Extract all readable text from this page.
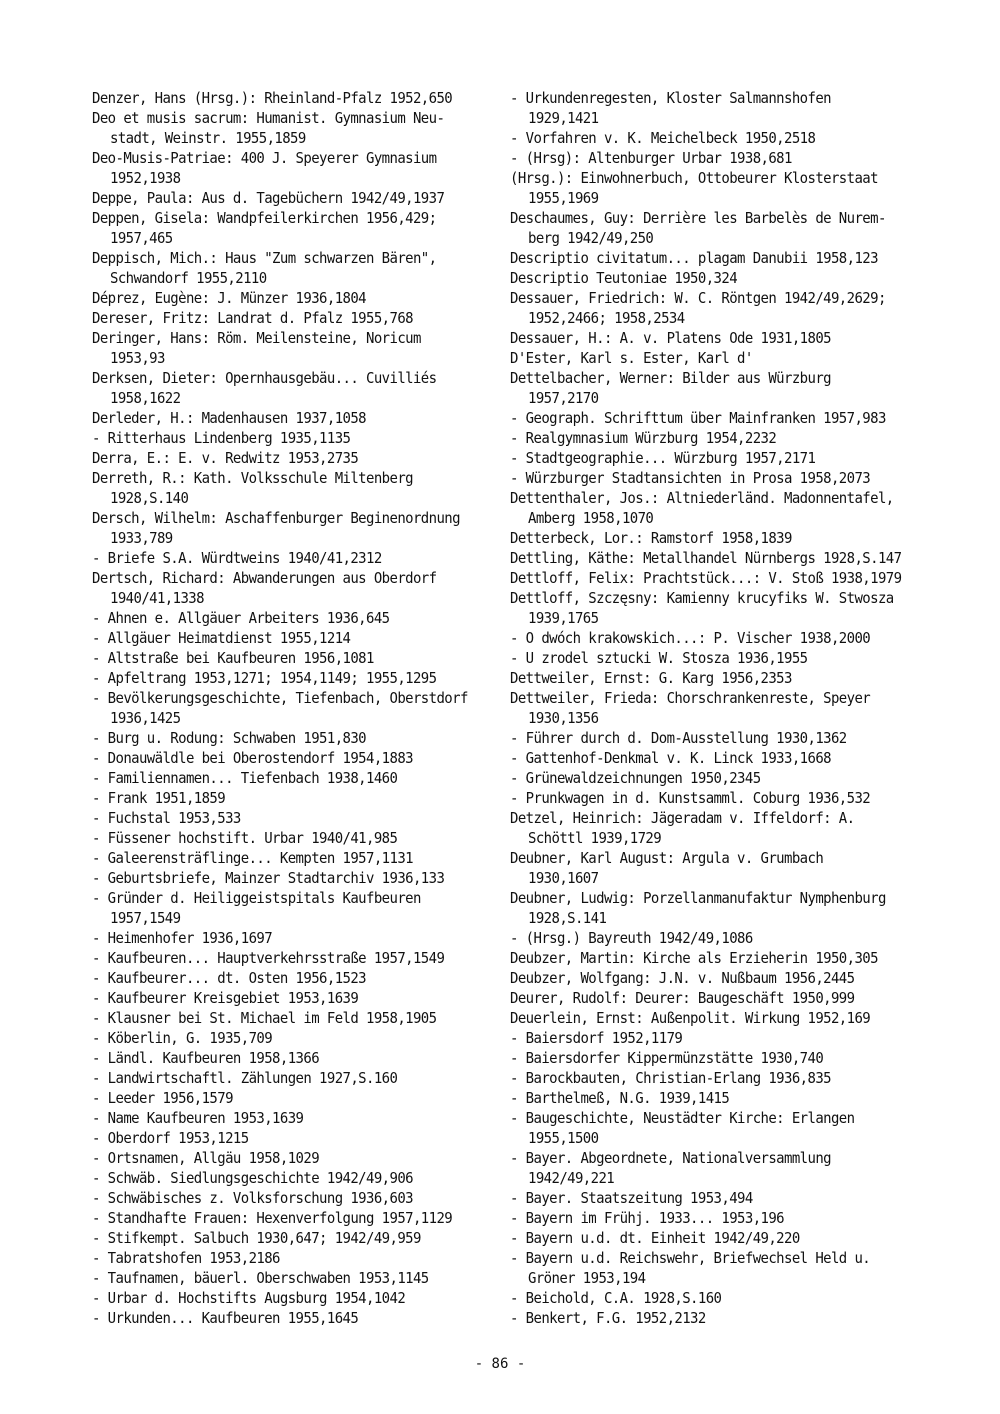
Denzer, Hans (Hrsg.): Rheinland-Pfalz 1952,650
Deo et musis sacrum: Humanist. Gymnasium Neu-
stadt, Weinstr. 1955,1859
Deo-Musis-Patriae: 400 J. Speyerer Gymnasium
1952,1938
Deppe, Paula: Aus d. Tagebüchern 1942/49,1937
Deppen, Gisela: Wandpfeilerkirchen 1956,429;
1957,465
Deppisch, Mich.: Haus "Zum schwarzen Bären",
Schwandorf 1955,2110
Déprez, Eugène: J. Münzer 1936,1804
Dereser, Fritz: Landrat d. Pfalz 1955,768
Deringer, Hans: Röm. Meilensteine, Noricum
1953,93
Derksen, Dieter: Opernhausgebäu... Cuvilliés
1958,1622
Derleder, H.: Madenhausen 1937,1058
- Ritterhaus Lindenberg 1935,1135
Derra, E.: E. v. Redwitz 1953,2735
Derreth, R.: Kath. Volksschule Miltenberg
1928,S.140
Dersch, Wilhelm: Aschaffenburger Beginenordnung
1933,789
- Briefe S.A. Würdtweins 1940/41,2312
Dertsch, Richard: Abwanderungen aus Oberdorf
1940/41,1338
- Ahnen e. Allgäuer Arbeiters 1936,645
- Allgäuer Heimatdienst 1955,1214
- Altstraße bei Kaufbeuren 1956,1081
- Apfeltrang 1953,1271; 1954,1149; 1955,1295
- Bevölkerungsgeschichte, Tiefenbach, Oberstdorf
1936,1425
- Burg u. Rodung: Schwaben 1951,830
- Donauwäldle bei Oberostendorf 1954,1883
- Familiennamen... Tiefenbach 1938,1460
- Frank 1951,1859
- Fuchstal 1953,533
- Füssener hochstift. Urbar 1940/41,985
- Galeerensträflinge... Kempten 1957,1131
- Geburtsbriefe, Mainzer Stadtarchiv 1936,133
- Gründer d. Heiliggeistspitals Kaufbeuren
1957,1549
- Heimenhofer 1936,1697
- Kaufbeuren... Hauptverkehrsstraße 1957,1549
- Kaufbeurer... dt. Osten 1956,1523
- Kaufbeurer Kreisgebiet 1953,1639
- Klausner bei St. Michael im Feld 1958,1905
- Köberlin, G. 1935,709
- Ländl. Kaufbeuren 1958,1366
- Landwirtschaftl. Zählungen 1927,S.160
- Leeder 1956,1579
- Name Kaufbeuren 1953,1639
- Oberdorf 1953,1215
- Ortsnamen, Allgäu 1958,1029
- Schwäb. Siedlungsgeschichte 1942/49,906
- Schwäbisches z. Volksforschung 1936,603
- Standhafte Frauen: Hexenverfolgung 1957,1129
- Stifkempt. Salbuch 1930,647; 1942/49,959
- Tabratshofen 1953,2186
- Taufnamen, bäuerl. Oberschwaben 1953,1145
- Urbar d. Hochstifts Augsburg 1954,1042
- Urkunden... Kaufbeuren 1955,1645
- Urkundenregesten, Kloster Salmannshofen
1929,1421
- Vorfahren v. K. Meichelbeck 1950,2518
- (Hrsg): Altenburger Urbar 1938,681
(Hrsg.): Einwohnerbuch, Ottobeurer Klosterstaat
1955,1969
Deschaumes, Guy: Derrière les Barbelès de Nurem-
berg 1942/49,250
Descriptio civitatum... plagam Danubii 1958,123
Descriptio Teutoniae 1950,324
Dessauer, Friedrich: W. C. Röntgen 1942/49,2629;
1952,2466; 1958,2534
Dessauer, H.: A. v. Platens Ode 1931,1805
D'Ester, Karl s. Ester, Karl d'
Dettelbacher, Werner: Bilder aus Würzburg
1957,2170
- Geograph. Schrifttum über Mainfranken 1957,983
- Realgymnasium Würzburg 1954,2232
- Stadtgeographie... Würzburg 1957,2171
- Würzburger Stadtansichten in Prosa 1958,2073
Dettenthaler, Jos.: Altniederländ. Madonnentafel,
Amberg 1958,1070
Detterbeck, Lor.: Ramstorf 1958,1839
Dettling, Käthe: Metallhandel Nürnbergs 1928,S.147
Dettloff, Felix: Prachtstück...: V. Stoß 1938,1979
Dettloff, Szczęsny: Kamienny krucyfiks W. Stwosza
1939,1765
- O dwóch krakowskich...: P. Vischer 1938,2000
- U zrodel sztucki W. Stosza 1936,1955
Dettweiler, Ernst: G. Karg 1956,2353
Dettweiler, Frieda: Chorschrankenreste, Speyer
1930,1356
- Führer durch d. Dom-Ausstellung 1930,1362
- Gattenhof-Denkmal v. K. Linck 1933,1668
- Grünewaldzeichnungen 1950,2345
- Prunkwagen in d. Kunstsamml. Coburg 1936,532
Detzel, Heinrich: Jägeradam v. Iffeldorf: A.
Schöttl 1939,1729
Deubner, Karl August: Argula v. Grumbach
1930,1607
Deubner, Ludwig: Porzellanmanufaktur Nymphenburg
1928,S.141
- (Hrsg.) Bayreuth 1942/49,1086
Deubzer, Martin: Kirche als Erzieherin 1950,305
Deubzer, Wolfgang: J.N. v. Nußbaum 1956,2445
Deurer, Rudolf: Deurer: Baugeschäft 1950,999
Deuerlein, Ernst: Außenpolit. Wirkung 1952,169
- Baiersdorf 1952,1179
- Baiersdorfer Kippermünzstätte 1930,740
- Barockbauten, Christian-Erlang 1936,835
- Barthelmeß, N.G. 1939,1415
- Baugeschichte, Neustädter Kirche: Erlangen
1955,1500
- Bayer. Abgeordnete, Nationalversammlung
1942/49,221
- Bayer. Staatszeitung 1953,494
- Bayern im Frühj. 1933... 1953,196
- Bayern u.d. dt. Einheit 1942/49,220
- Bayern u.d. Reichswehr, Briefwechsel Held u.
Gröner 1953,194
- Beichold, C.A. 1928,S.160
- Benkert, F.G. 1952,2132
- 86 -
